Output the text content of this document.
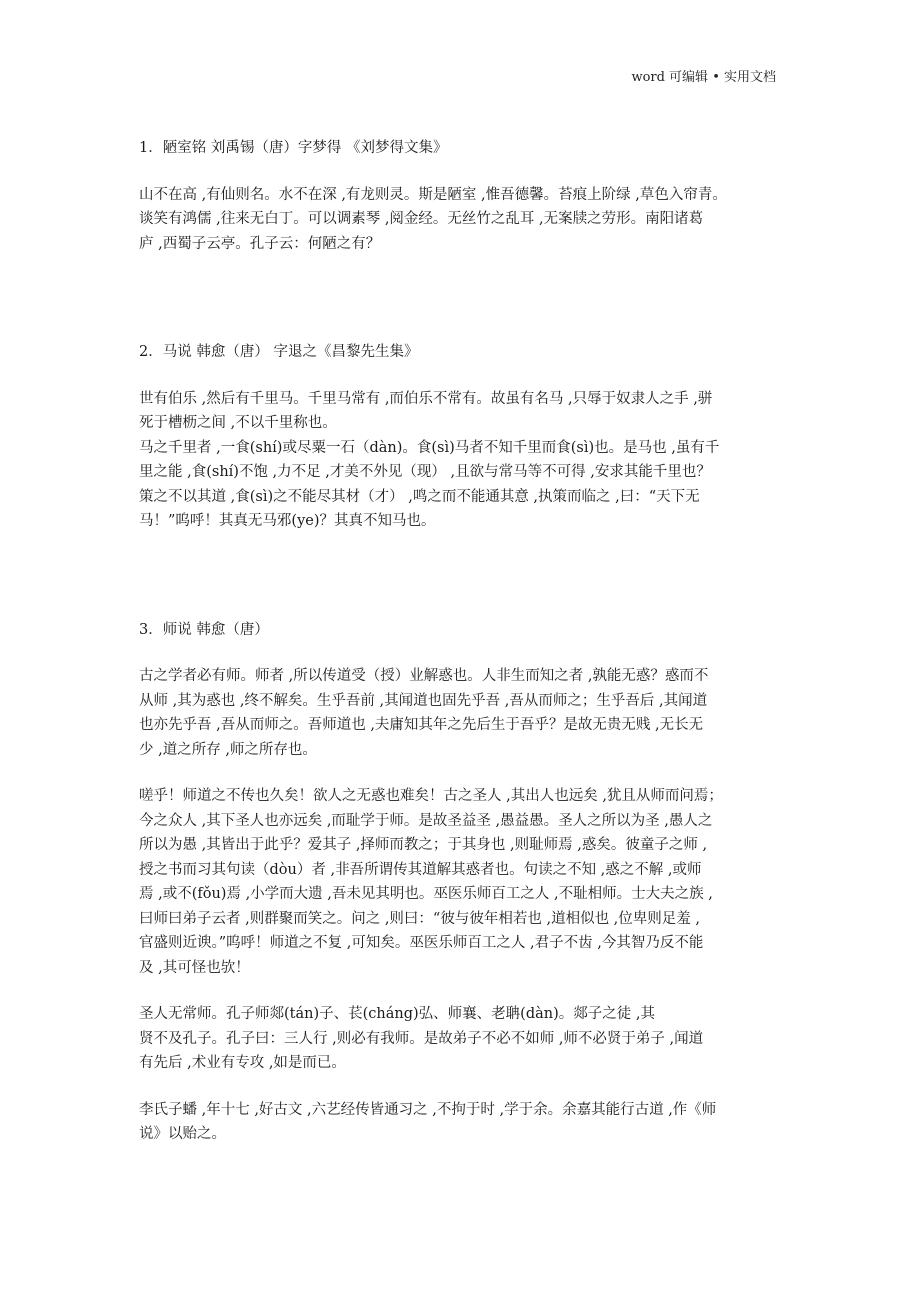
word 可编辑 • 实用文档

1．陋室铭 刘禹锡（唐）字梦得 《刘梦得文集》

山不在高 ,有仙则名。水不在深 ,有龙则灵。斯是陋室 ,惟吾德馨。苔痕上阶绿 ,草色入帘青。
谈笑有鸿儒 ,往来无白丁。可以调素琴 ,阅金经。无丝竹之乱耳 ,无案牍之劳形。南阳诸葛
庐 ,西蜀子云亭。孔子云：何陋之有？

2．马说 韩愈（唐） 字退之《昌黎先生集》

世有伯乐 ,然后有千里马。千里马常有 ,而伯乐不常有。故虽有名马 ,只辱于奴隶人之手 ,骈
死于槽枥之间 ,不以千里称也。
马之千里者 ,一食(shí)或尽粟一石（dàn)。食(sì)马者不知千里而食(sì)也。是马也 ,虽有千
里之能 ,食(shí)不饱 ,力不足 ,才美不外见（现） ,且欲与常马等不可得 ,安求其能千里也？
策之不以其道 ,食(sì)之不能尽其材（才） ,鸣之而不能通其意 ,执策而临之 ,曰：“天下无
马！”呜呼！其真无马邪(ye)？其真不知马也。

3．师说 韩愈（唐）

古之学者必有师。师者 ,所以传道受（授）业解惑也。人非生而知之者 ,孰能无惑？惑而不
从师 ,其为惑也 ,终不解矣。生乎吾前 ,其闻道也固先乎吾 ,吾从而师之；生乎吾后 ,其闻道
也亦先乎吾 ,吾从而师之。吾师道也 ,夫庸知其年之先后生于吾乎？是故无贵无贱 ,无长无
少 ,道之所存 ,师之所存也。

嗟乎！师道之不传也久矣！欲人之无惑也难矣！古之圣人 ,其出人也远矣 ,犹且从师而问焉；
今之众人 ,其下圣人也亦远矣 ,而耻学于师。是故圣益圣 ,愚益愚。圣人之所以为圣 ,愚人之
所以为愚 ,其皆出于此乎？爱其子 ,择师而教之；于其身也 ,则耻师焉 ,惑矣。彼童子之师 ,
授之书而习其句读（dòu）者 ,非吾所谓传其道解其惑者也。句读之不知 ,惑之不解 ,或师
焉 ,或不(fǒu)焉 ,小学而大遗 ,吾未见其明也。巫医乐师百工之人 ,不耻相师。士大夫之族 ,
曰师曰弟子云者 ,则群聚而笑之。问之 ,则曰：“彼与彼年相若也 ,道相似也 ,位卑则足羞 ,
官盛则近谀。”呜呼！师道之不复 ,可知矣。巫医乐师百工之人 ,君子不齿 ,今其智乃反不能
及 ,其可怪也欤！

圣人无常师。孔子师郯(tán)子、苌(cháng)弘、师襄、老聃(dàn)。郯子之徒 ,其
贤不及孔子。孔子曰：三人行 ,则必有我师。是故弟子不必不如师 ,师不必贤于弟子 ,闻道
有先后 ,术业有专攻 ,如是而已。

李氏子蟠 ,年十七 ,好古文 ,六艺经传皆通习之 ,不拘于时 ,学于余。余嘉其能行古道 ,作《师
说》以贻之。
